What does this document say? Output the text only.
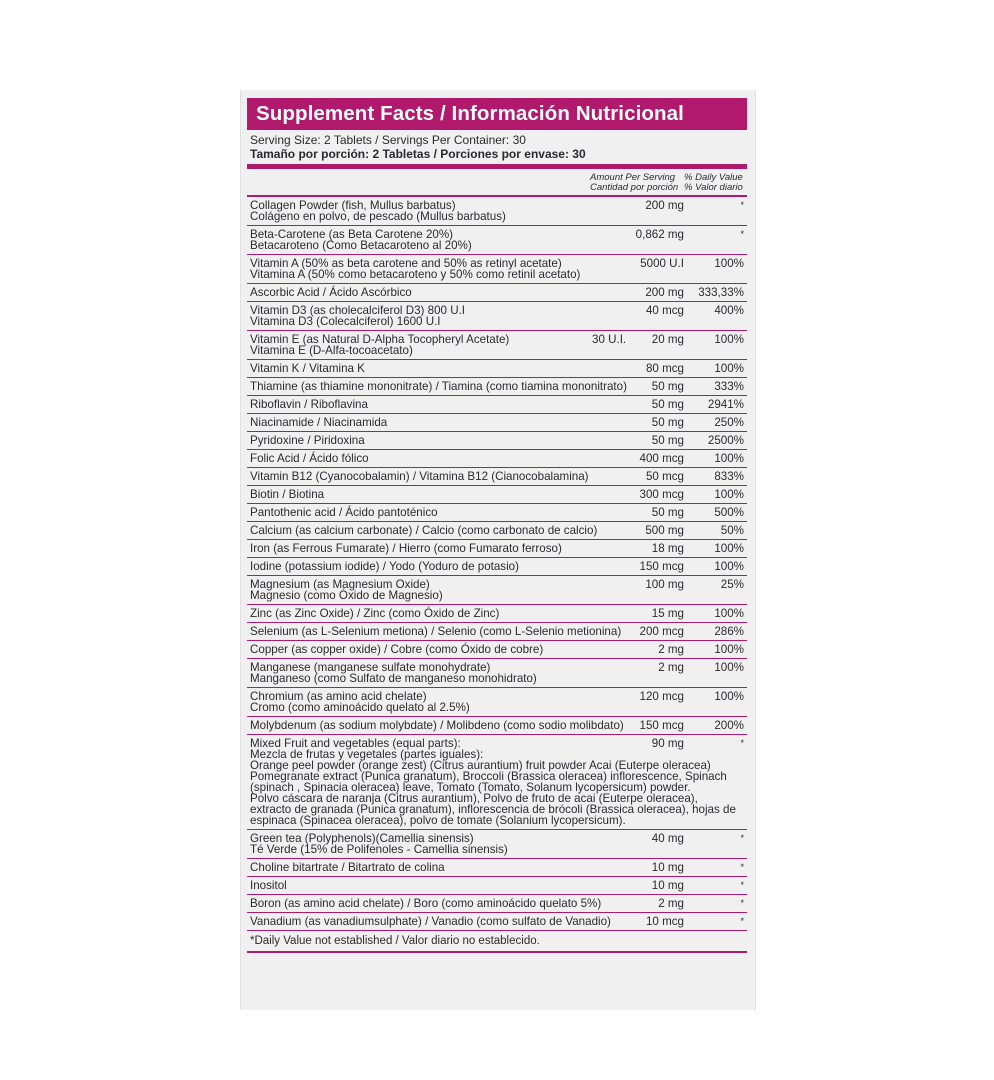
Supplement Facts / Información Nutricional
Serving Size: 2 Tablets / Servings Per Container: 30
Tamaño por porción: 2 Tabletas / Porciones por envase: 30
Amount Per Serving
Cantidad por porción
% Daily Value
% Valor diario
Collagen Powder (fish, Mullus barbatus)
Colágeno en polvo, de pescado (Mullus barbatus)
200 mg	*
Beta-Carotene (as Beta Carotene 20%)
Betacaroteno (Como Betacaroteno al 20%)
0,862 mg	*
Vitamin A (50% as beta carotene and 50% as retinyl acetate)
Vitamina A (50% como betacaroteno y 50% como retinil acetato)
5000 U.I	100%
Ascorbic Acid / Ácido Ascórbico	200 mg	333,33%
Vitamin D3 (as cholecalciferol D3) 800 U.I
Vitamina D3 (Colecalciferol) 1600 U.I
40 mcg	400%
Vitamin E (as Natural D-Alpha Tocopheryl Acetate)
Vitamina E (D-Alfa-tocoacetato)
30 U.I.	20 mg	100%
Vitamin K / Vitamina K	80 mcg	100%
Thiamine (as thiamine mononitrate) / Tiamina (como tiamina mononitrato)	50 mg	333%
Riboflavin / Riboflavina	50 mg	2941%
Niacinamide / Niacinamida	50 mg	250%
Pyridoxine / Piridoxina	50 mg	2500%
Folic Acid / Ácido fólico	400 mcg	100%
Vitamin B12 (Cyanocobalamin) / Vitamina B12 (Cianocobalamina)	50 mcg	833%
Biotin / Biotina	300 mcg	100%
Pantothenic acid / Ácido pantoténico	50 mg	500%
Calcium (as calcium carbonate) / Calcio (como carbonato de calcio)	500 mg	50%
Iron (as Ferrous Fumarate) / Hierro (como Fumarato ferroso)	18 mg	100%
Iodine (potassium iodide) / Yodo (Yoduro de potasio)	150 mcg	100%
Magnesium (as Magnesium Oxide)
Magnesio (como Óxido de Magnesio)
100 mg	25%
Zinc (as Zinc Oxide) / Zinc (como Óxido de Zinc)	15 mg	100%
Selenium (as L-Selenium metiona) / Selenio (como L-Selenio metionina)	200 mcg	286%
Copper (as copper oxide) / Cobre (como Óxido de cobre)	2 mg	100%
Manganese (manganese sulfate monohydrate)
Manganeso (como Sulfato de manganeso monohidrato)
2 mg	100%
Chromium (as amino acid chelate)
Cromo (como aminoácido quelato al 2.5%)
120 mcg	100%
Molybdenum (as sodium molybdate) / Molibdeno (como sodio molibdato)	150 mcg	200%
Mixed Fruit and vegetables (equal parts):
Mezcla de frutas y vegetales (partes iguales):
90 mg	*
Orange peel powder (orange zest) (Citrus aurantium) fruit powder Acai (Euterpe oleracea) Pomegranate extract (Punica granatum), Broccoli (Brassica oleracea) inflorescence, Spinach (spinach , Spinacia oleracea) leave, Tomato (Tomato, Solanum lycopersicum) powder.
Polvo cáscara de naranja (Citrus aurantium), Polvo de fruto de acai (Euterpe oleracea), extracto de granada (Punica granatum), inflorescencia de brócoli (Brassica oleracea), hojas de espinaca (Spinacea oleracea), polvo de tomate (Solanium lycopersicum).
Green tea (Polyphenols)(Camellia sinensis)
Té Verde (15% de Polifenoles - Camellia sinensis)
40 mg	*
Choline bitartrate / Bitartrato de colina	10 mg	*
Inositol	10 mg	*
Boron (as amino acid chelate) / Boro (como aminoácido quelato 5%)	2 mg	*
Vanadium (as vanadiumsulphate) / Vanadio (como sulfato de Vanadio)	10 mcg	*
*Daily Value not established / Valor diario no establecido.
